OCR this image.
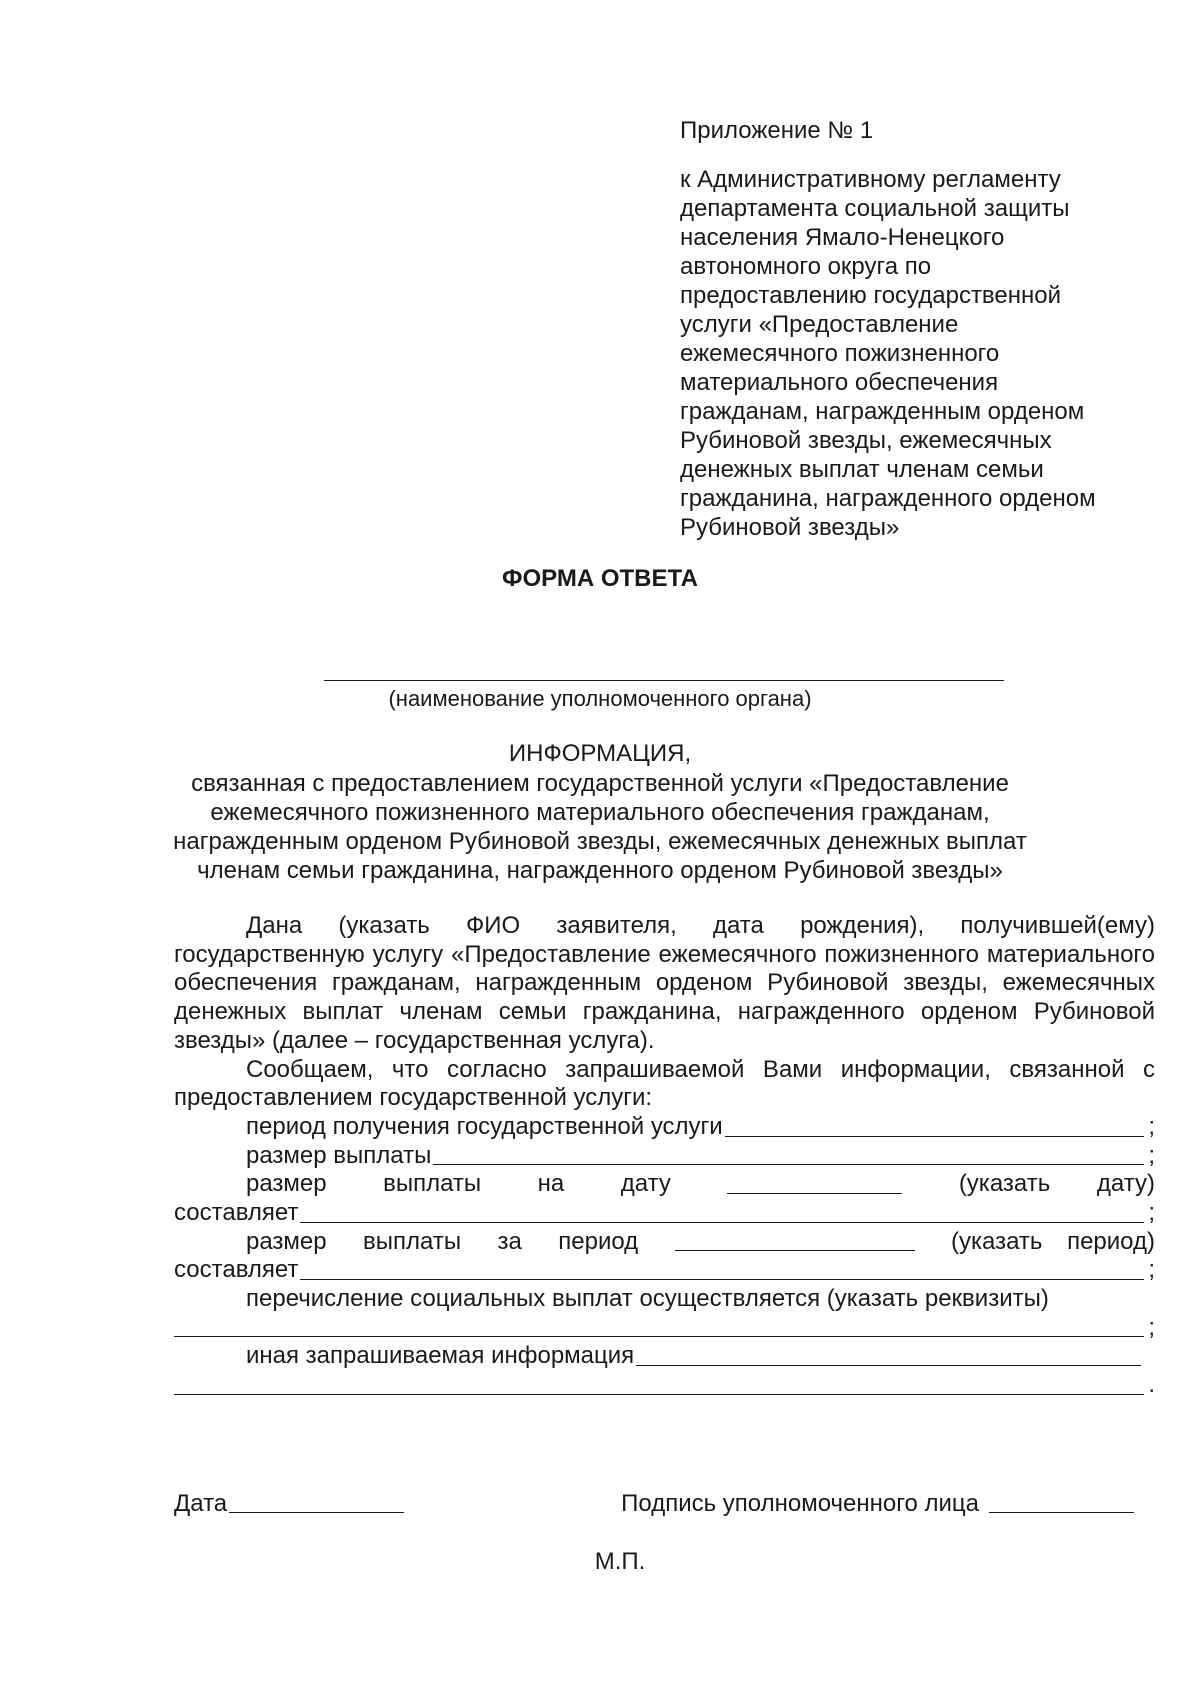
Приложение № 1
к Административному регламенту
департамента социальной защиты
населения Ямало-Ненецкого
автономного округа по
предоставлению государственной
услуги «Предоставление
ежемесячного пожизненного
материального обеспечения
гражданам, награжденным орденом
Рубиновой звезды, ежемесячных
денежных выплат членам семьи
гражданина, награжденного орденом
Рубиновой звезды»
ФОРМА ОТВЕТА
(наименование уполномоченного органа)
ИНФОРМАЦИЯ,
связанная с предоставлением государственной услуги «Предоставление
ежемесячного пожизненного материального обеспечения гражданам,
награжденным орденом Рубиновой звезды, ежемесячных денежных выплат
членам семьи гражданина, награжденного орденом Рубиновой звезды»

Дана (указать ФИО заявителя, дата рождения), получившей(ему) государственную услугу «Предоставление ежемесячного пожизненного материального обеспечения гражданам, награжденным орденом Рубиновой звезды, ежемесячных денежных выплат членам семьи гражданина, награжденного орденом Рубиновой звезды» (далее – государственная услуга).

Сообщаем, что согласно запрашиваемой Вами информации, связанной с предоставлением государственной услуги:

период получения государственной услуги	;
размер выплаты	;
размер выплаты на дату	(указать дату)
составляет	;
размер выплаты за период	(указать период)
составляет	;
перечисление социальных выплат осуществляется (указать реквизиты)
;
иная запрашиваемая информация
.
Дата	Подпись уполномоченного лица
М.П.
